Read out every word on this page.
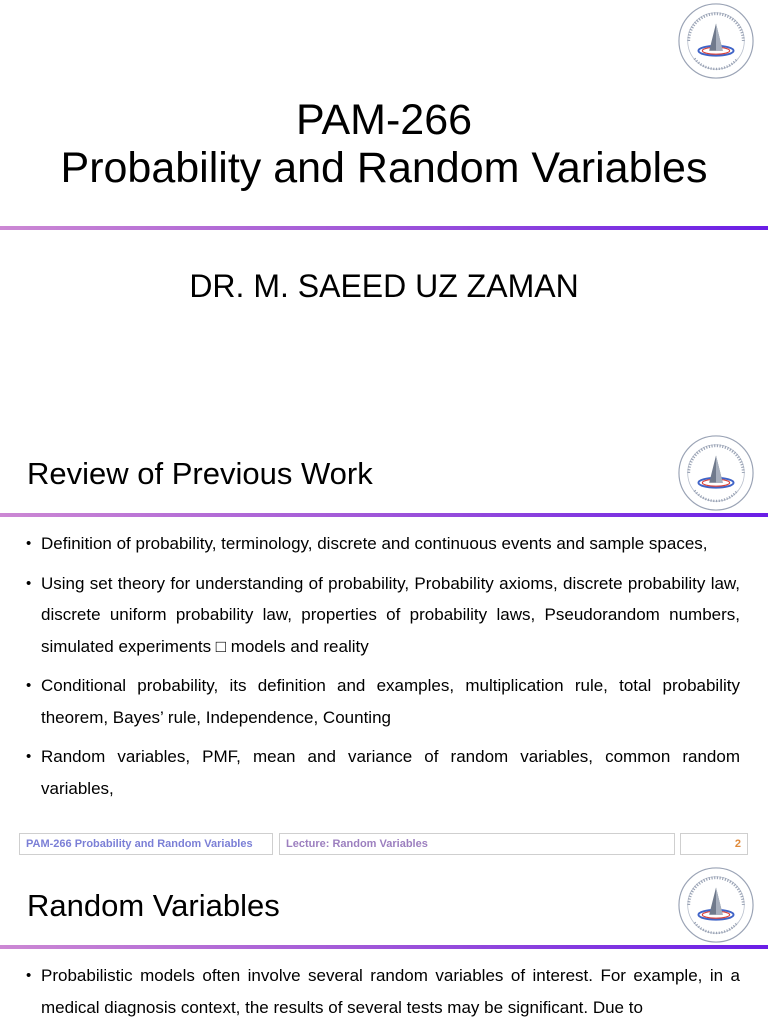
PAM-266
Probability and Random Variables
DR. M. SAEED UZ ZAMAN
Review of Previous Work
• Definition of probability, terminology, discrete and continuous events and sample spaces,
• Using set theory for understanding of probability, Probability axioms, discrete probability law, discrete uniform probability law, properties of probability laws, Pseudorandom numbers, simulated experiments □ models and reality
• Conditional probability, its definition and examples, multiplication rule, total probability theorem, Bayes’ rule, Independence, Counting
• Random variables, PMF, mean and variance of random variables, common random variables,
PAM-266 Probability and Random Variables	Lecture: Random Variables	2
Random Variables
• Probabilistic models often involve several random variables of interest. For example, in a medical diagnosis context, the results of several tests may be significant. Due to
